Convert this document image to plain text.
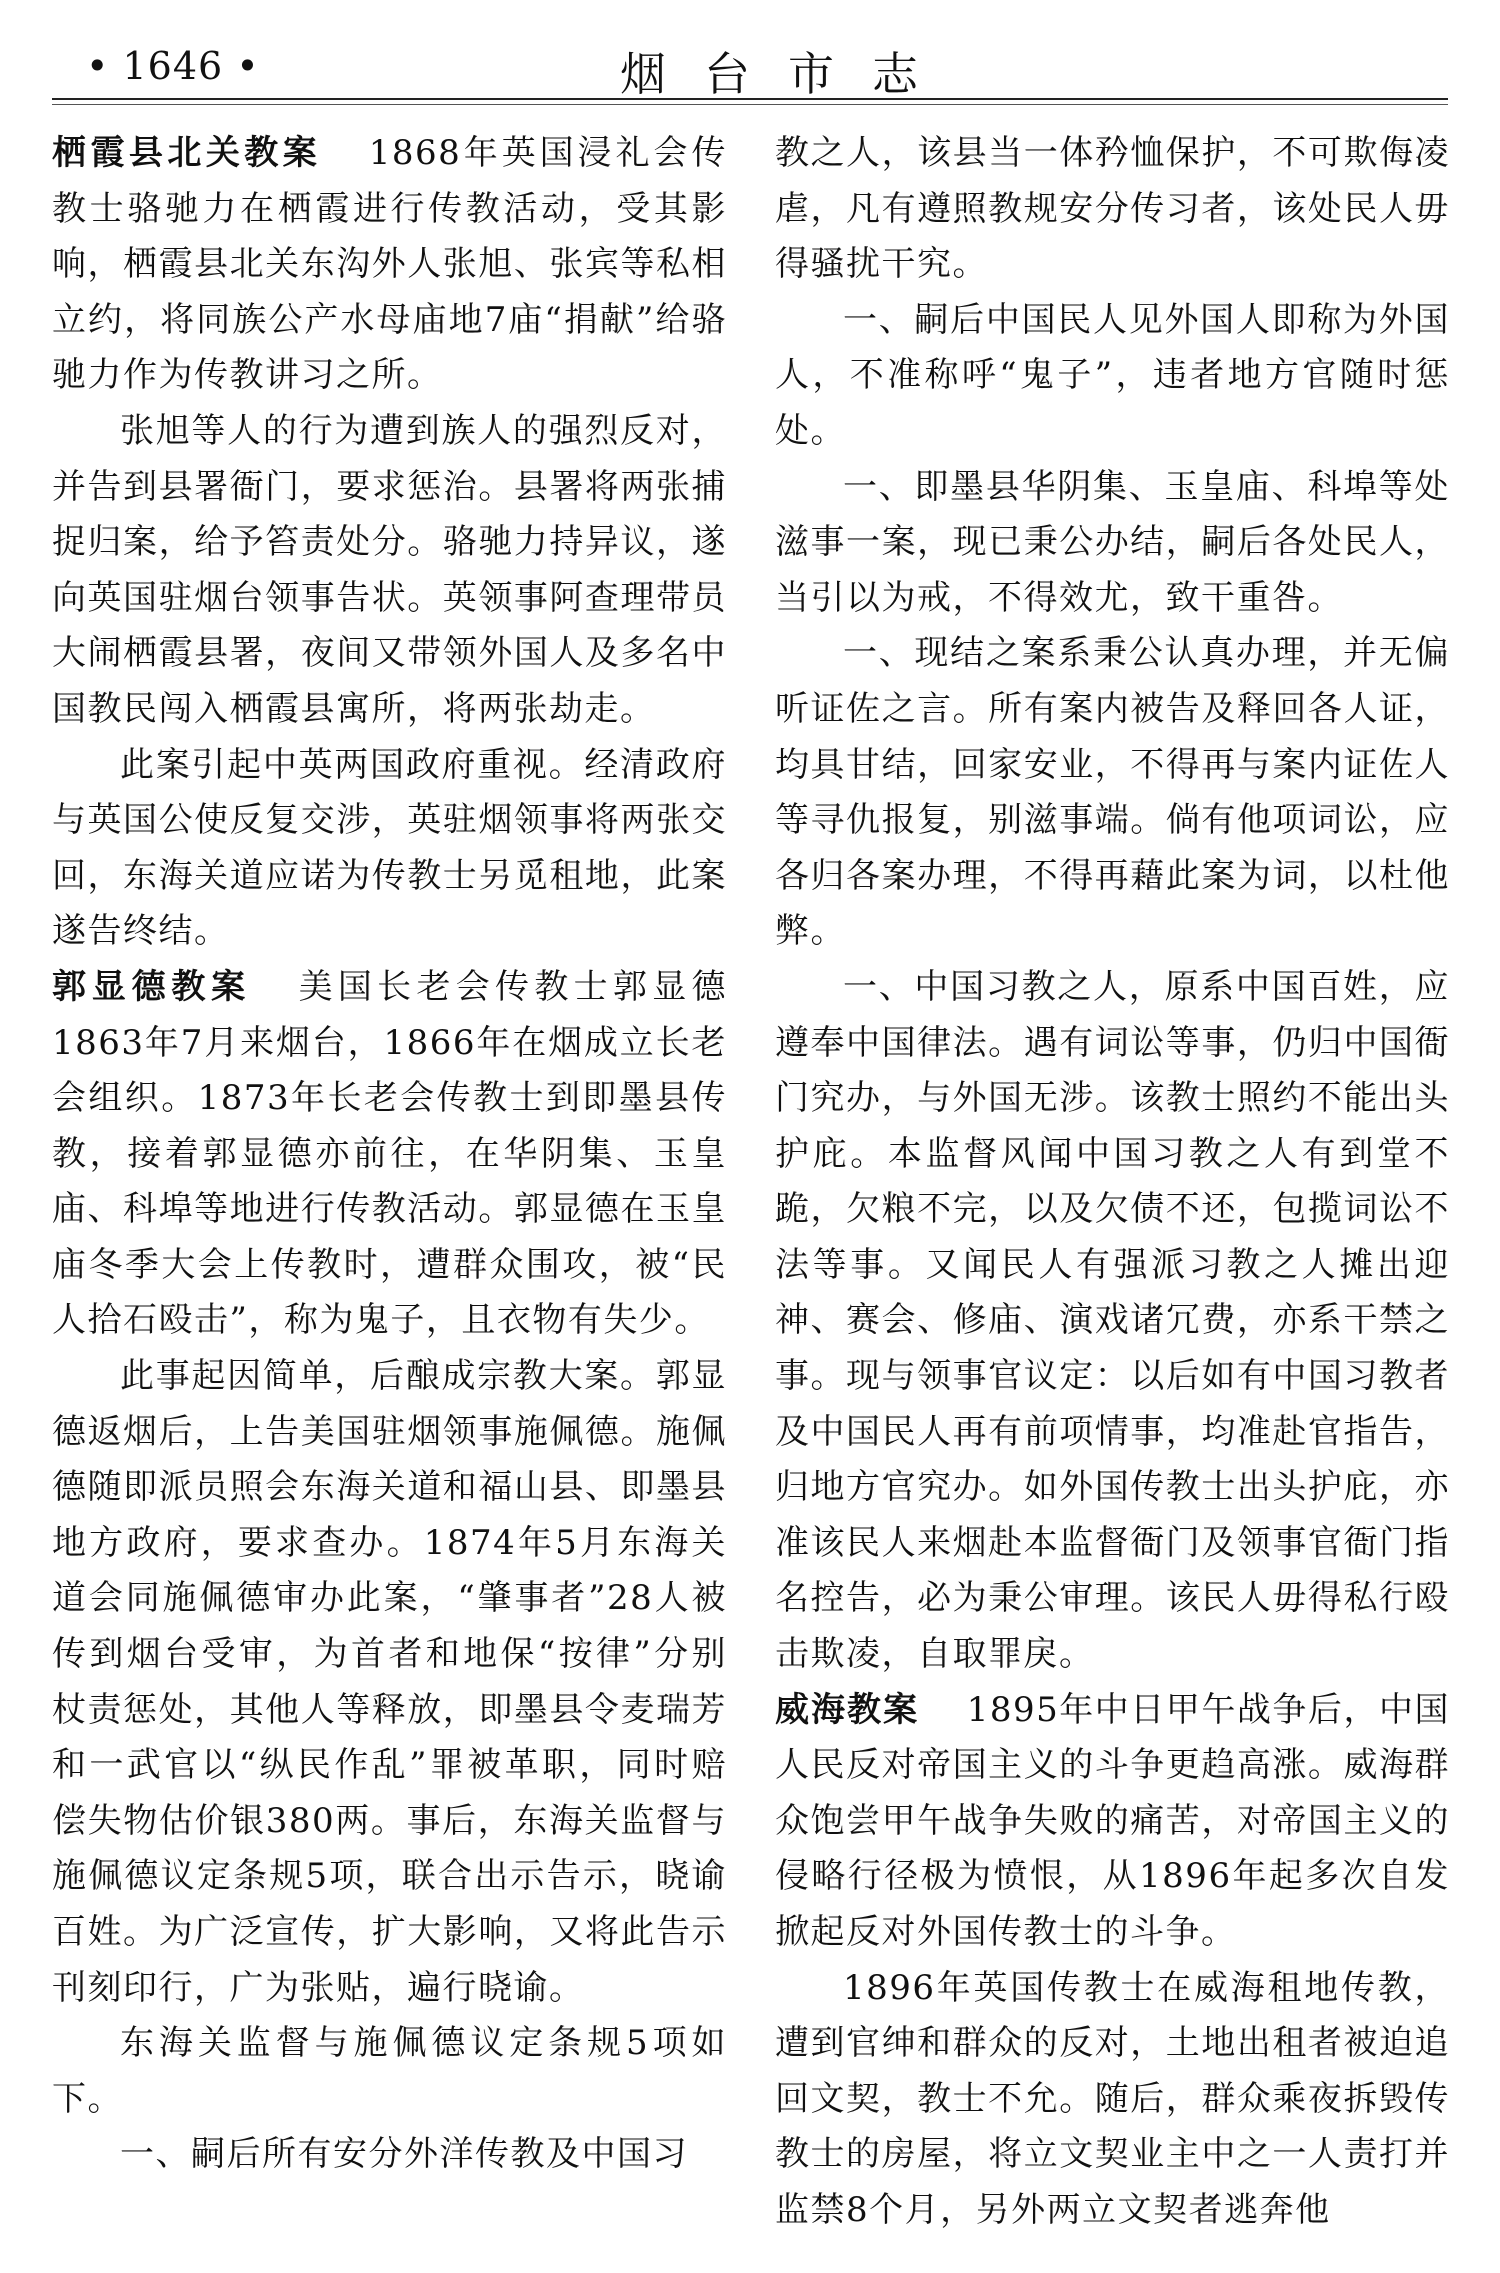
• 1646 •	烟台市志

栖霞县北关教案 1868年英国浸礼会传教士骆驰力在栖霞进行传教活动，受其影响，栖霞县北关东沟外人张旭、张宾等私相立约，将同族公产水母庙地7庙“捐献”给骆驰力作为传教讲习之所。

张旭等人的行为遭到族人的强烈反对，并告到县署衙门，要求惩治。县署将两张捕捉归案，给予笞责处分。骆驰力持异议，遂向英国驻烟台领事告状。英领事阿查理带员大闹栖霞县署，夜间又带领外国人及多名中国教民闯入栖霞县寓所，将两张劫走。

此案引起中英两国政府重视。经清政府与英国公使反复交涉，英驻烟领事将两张交回，东海关道应诺为传教士另觅租地，此案遂告终结。

郭显德教案 美国长老会传教士郭显德1863年7月来烟台，1866年在烟成立长老会组织。1873年长老会传教士到即墨县传教，接着郭显德亦前往，在华阴集、玉皇庙、科埠等地进行传教活动。郭显德在玉皇庙冬季大会上传教时，遭群众围攻，被“民人拾石殴击”，称为鬼子，且衣物有失少。

此事起因简单，后酿成宗教大案。郭显德返烟后，上告美国驻烟领事施佩德。施佩德随即派员照会东海关道和福山县、即墨县地方政府，要求查办。1874年5月东海关道会同施佩德审办此案，“肇事者”28人被传到烟台受审，为首者和地保“按律”分别杖责惩处，其他人等释放，即墨县令麦瑞芳和一武官以“纵民作乱”罪被革职，同时赔偿失物估价银380两。事后，东海关监督与施佩德议定条规5项，联合出示告示，晓谕百姓。为广泛宣传，扩大影响，又将此告示刊刻印行，广为张贴，遍行晓谕。

东海关监督与施佩德议定条规5项如下。

一、嗣后所有安分外洋传教及中国习

教之人，该县当一体矜恤保护，不可欺侮凌虐，凡有遵照教规安分传习者，该处民人毋得骚扰干究。

一、嗣后中国民人见外国人即称为外国人，不准称呼“鬼子”，违者地方官随时惩处。

一、即墨县华阴集、玉皇庙、科埠等处滋事一案，现已秉公办结，嗣后各处民人，当引以为戒，不得效尤，致干重咎。

一、现结之案系秉公认真办理，并无偏听证佐之言。所有案内被告及释回各人证，均具甘结，回家安业，不得再与案内证佐人等寻仇报复，别滋事端。倘有他项词讼，应各归各案办理，不得再藉此案为词，以杜他弊。

一、中国习教之人，原系中国百姓，应遵奉中国律法。遇有词讼等事，仍归中国衙门究办，与外国无涉。该教士照约不能出头护庇。本监督风闻中国习教之人有到堂不跪，欠粮不完，以及欠债不还，包揽词讼不法等事。又闻民人有强派习教之人摊出迎神、赛会、修庙、演戏诸冗费，亦系干禁之事。现与领事官议定：以后如有中国习教者及中国民人再有前项情事，均准赴官指告，归地方官究办。如外国传教士出头护庇，亦准该民人来烟赴本监督衙门及领事官衙门指名控告，必为秉公审理。该民人毋得私行殴击欺凌，自取罪戾。

威海教案 1895年中日甲午战争后，中国人民反对帝国主义的斗争更趋高涨。威海群众饱尝甲午战争失败的痛苦，对帝国主义的侵略行径极为愤恨，从1896年起多次自发掀起反对外国传教士的斗争。

1896年英国传教士在威海租地传教，遭到官绅和群众的反对，土地出租者被迫追回文契，教士不允。随后，群众乘夜拆毁传教士的房屋，将立文契业主中之一人责打并监禁8个月，另外两立文契者逃奔他
